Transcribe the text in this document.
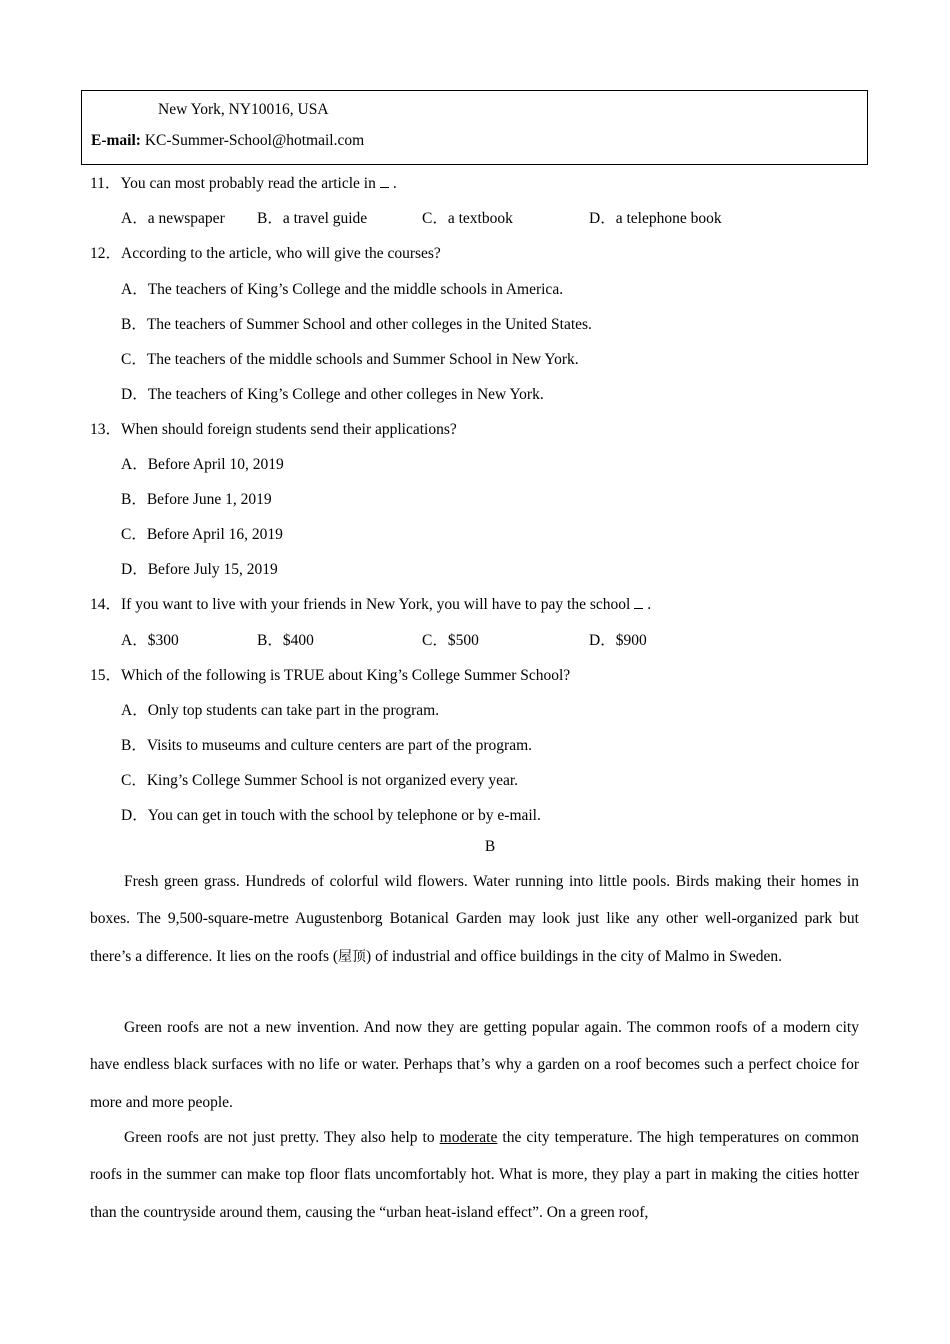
New York, NY10016, USA
E-mail: KC-Summer-School@hotmail.com
11．You can most probably read the article in .
A．a newspaper B．a travel guide	C．a textbook	D．a telephone book
12．According to the article, who will give the courses?
A．The teachers of King’s College and the middle schools in America.
B．The teachers of Summer School and other colleges in the United States.
C．The teachers of the middle schools and Summer School in New York.
D．The teachers of King’s College and other colleges in New York.
13．When should foreign students send their applications?
A．Before April 10, 2019
B．Before June 1, 2019
C．Before April 16, 2019
D．Before July 15, 2019
14．If you want to live with your friends in New York, you will have to pay the school .
A．$300	B．$400	C．$500	D．$900
15．Which of the following is TRUE about King’s College Summer School?
A．Only top students can take part in the program.
B．Visits to museums and culture centers are part of the program.
C．King’s College Summer School is not organized every year.
D．You can get in touch with the school by telephone or by e-mail.
B
Fresh green grass. Hundreds of colorful wild flowers. Water running into little pools. Birds making their homes in boxes. The 9,500-square-metre Augustenborg Botanical Garden may look just like any other well-organized park but there’s a difference. It lies on the roofs (屋顶) of industrial and office buildings in the city of Malmo in Sweden.
Green roofs are not a new invention. And now they are getting popular again. The common roofs of a modern city have endless black surfaces with no life or water. Perhaps that’s why a garden on a roof becomes such a perfect choice for more and more people.
Green roofs are not just pretty. They also help to moderate the city temperature. The high temperatures on common roofs in the summer can make top floor flats uncomfortably hot. What is more, they play a part in making the cities hotter than the countryside around them, causing the “urban heat-island effect”. On a green roof,
